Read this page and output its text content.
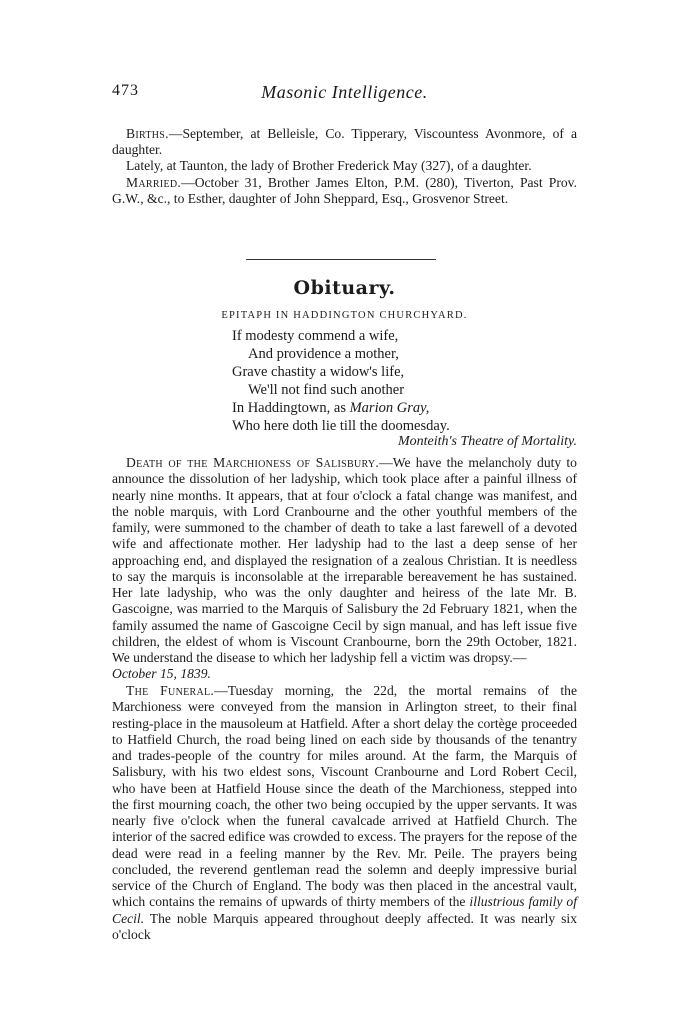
473	Masonic Intelligence.

Births.—September, at Belleisle, Co. Tipperary, Viscountess Avonmore, of a daughter.

Lately, at Taunton, the lady of Brother Frederick May (327), of a daughter.

Married.—October 31, Brother James Elton, P.M. (280), Tiverton, Past Prov. G.W., &c., to Esther, daughter of John Sheppard, Esq., Grosvenor Street.

Obituary.
EPITAPH IN HADDINGTON CHURCHYARD.
If modesty commend a wife,
And providence a mother,
Grave chastity a widow's life,
We'll not find such another
In Haddingtown, as Marion Gray,
Who here doth lie till the doomesday.
Monteith's Theatre of Mortality.

Death of the Marchioness of Salisbury.—We have the melancholy duty to announce the dissolution of her ladyship, which took place after a painful illness of nearly nine months. It appears, that at four o'clock a fatal change was manifest, and the noble marquis, with Lord Cranbourne and the other youthful members of the family, were summoned to the chamber of death to take a last farewell of a devoted wife and affectionate mother. Her ladyship had to the last a deep sense of her approaching end, and displayed the resignation of a zealous Christian. It is needless to say the marquis is inconsolable at the irreparable bereavement he has sustained. Her late ladyship, who was the only daughter and heiress of the late Mr. B. Gascoigne, was married to the Marquis of Salisbury the 2d February 1821, when the family assumed the name of Gascoigne Cecil by sign manual, and has left issue five children, the eldest of whom is Viscount Cranbourne, born the 29th October, 1821. We understand the disease to which her ladyship fell a victim was dropsy.—
October 15, 1839.

The Funeral.—Tuesday morning, the 22d, the mortal remains of the Marchioness were conveyed from the mansion in Arlington street, to their final resting-place in the mausoleum at Hatfield. After a short delay the cortège proceeded to Hatfield Church, the road being lined on each side by thousands of the tenantry and trades-people of the country for miles around. At the farm, the Marquis of Salisbury, with his two eldest sons, Viscount Cranbourne and Lord Robert Cecil, who have been at Hatfield House since the death of the Marchioness, stepped into the first mourning coach, the other two being occupied by the upper servants. It was nearly five o'clock when the funeral cavalcade arrived at Hatfield Church. The interior of the sacred edifice was crowded to excess. The prayers for the repose of the dead were read in a feeling manner by the Rev. Mr. Peile. The prayers being concluded, the reverend gentleman read the solemn and deeply impressive burial service of the Church of England. The body was then placed in the ancestral vault, which contains the remains of upwards of thirty members of the illustrious family of Cecil. The noble Marquis appeared throughout deeply affected. It was nearly six o'clock
